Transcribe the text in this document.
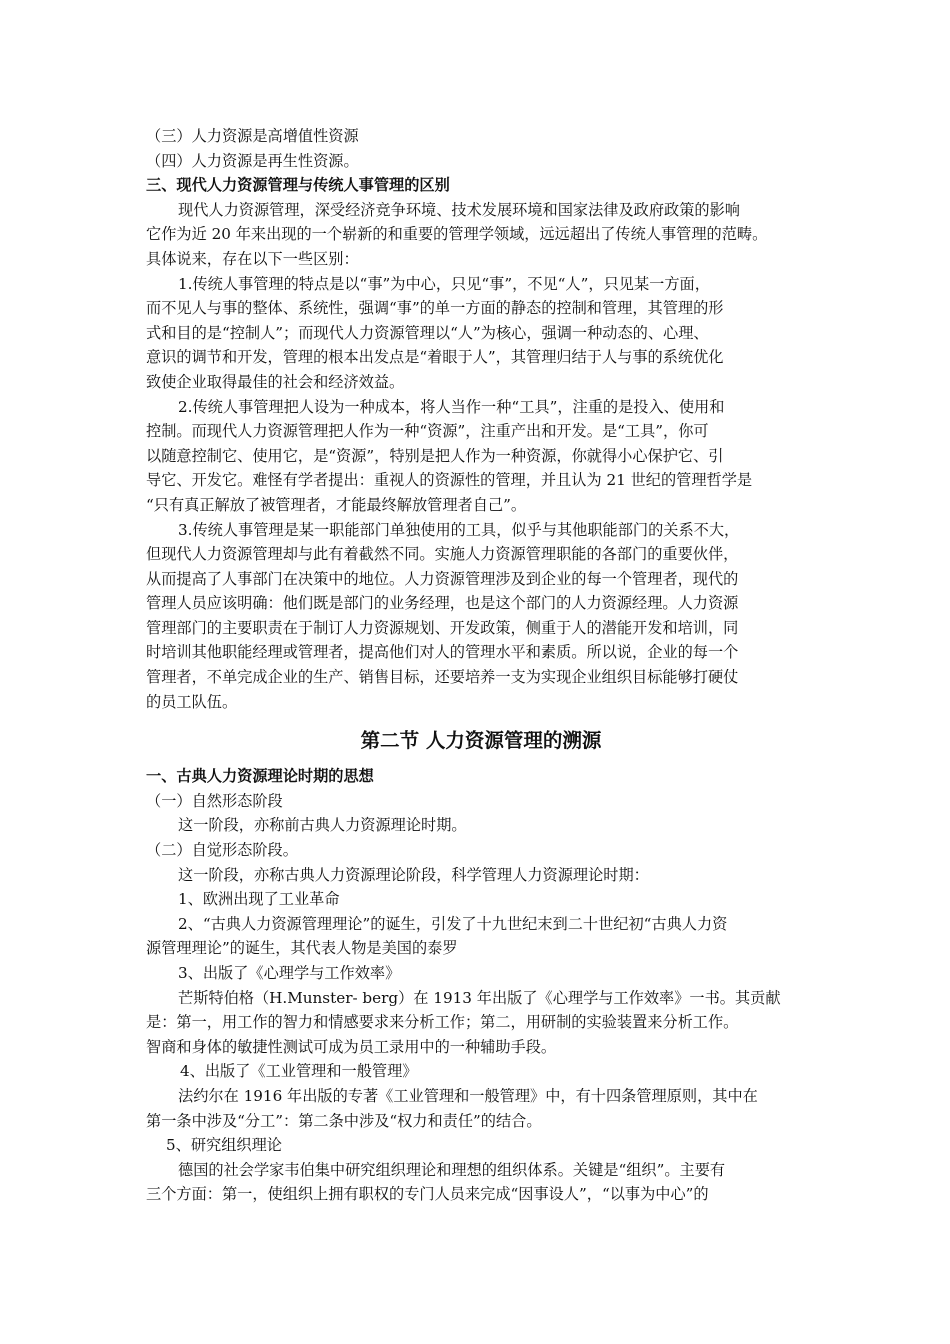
（三）人力资源是高增值性资源
（四）人力资源是再生性资源。
三、现代人力资源管理与传统人事管理的区别
现代人力资源管理，深受经济竞争环境、技术发展环境和国家法律及政府政策的影响
它作为近 20 年来出现的一个崭新的和重要的管理学领域，远远超出了传统人事管理的范畴。
具体说来，存在以下一些区别：
1.传统人事管理的特点是以“事”为中心，只见“事”，不见“人”，只见某一方面，
而不见人与事的整体、系统性，强调“事”的单一方面的静态的控制和管理，其管理的形
式和目的是“控制人”；而现代人力资源管理以“人”为核心，强调一种动态的、心理、
意识的调节和开发，管理的根本出发点是“着眼于人”，其管理归结于人与事的系统优化
致使企业取得最佳的社会和经济效益。
2.传统人事管理把人设为一种成本，将人当作一种“工具”，注重的是投入、使用和
控制。而现代人力资源管理把人作为一种“资源”，注重产出和开发。是“工具”，你可
以随意控制它、使用它，是“资源”，特别是把人作为一种资源，你就得小心保护它、引
导它、开发它。难怪有学者提出：重视人的资源性的管理，并且认为 21 世纪的管理哲学是
“只有真正解放了被管理者，才能最终解放管理者自己”。
3.传统人事管理是某一职能部门单独使用的工具，似乎与其他职能部门的关系不大，
但现代人力资源管理却与此有着截然不同。实施人力资源管理职能的各部门的重要伙伴，
从而提高了人事部门在决策中的地位。人力资源管理涉及到企业的每一个管理者，现代的
管理人员应该明确：他们既是部门的业务经理，也是这个部门的人力资源经理。人力资源
管理部门的主要职责在于制订人力资源规划、开发政策，侧重于人的潜能开发和培训，同
时培训其他职能经理或管理者，提高他们对人的管理水平和素质。所以说，企业的每一个
管理者，不单完成企业的生产、销售目标，还要培养一支为实现企业组织目标能够打硬仗
的员工队伍。
第二节 人力资源管理的溯源
一、古典人力资源理论时期的思想
（一）自然形态阶段
这一阶段，亦称前古典人力资源理论时期。
（二）自觉形态阶段。
这一阶段，亦称古典人力资源理论阶段，科学管理人力资源理论时期：
1、欧洲出现了工业革命
2、“古典人力资源管理理论”的诞生，引发了十九世纪末到二十世纪初“古典人力资
源管理理论”的诞生，其代表人物是美国的泰罗
3、出版了《心理学与工作效率》
芒斯特伯格（H.Munster- berg）在 1913 年出版了《心理学与工作效率》一书。其贡献
是：第一，用工作的智力和情感要求来分析工作；第二，用研制的实验装置来分析工作。
智商和身体的敏捷性测试可成为员工录用中的一种辅助手段。
4、出版了《工业管理和一般管理》
法约尔在 1916 年出版的专著《工业管理和一般管理》中，有十四条管理原则，其中在
第一条中涉及“分工”：第二条中涉及“权力和责任”的结合。
5、研究组织理论
德国的社会学家韦伯集中研究组织理论和理想的组织体系。关键是“组织”。主要有
三个方面：第一，使组织上拥有职权的专门人员来完成“因事设人”，“以事为中心”的
